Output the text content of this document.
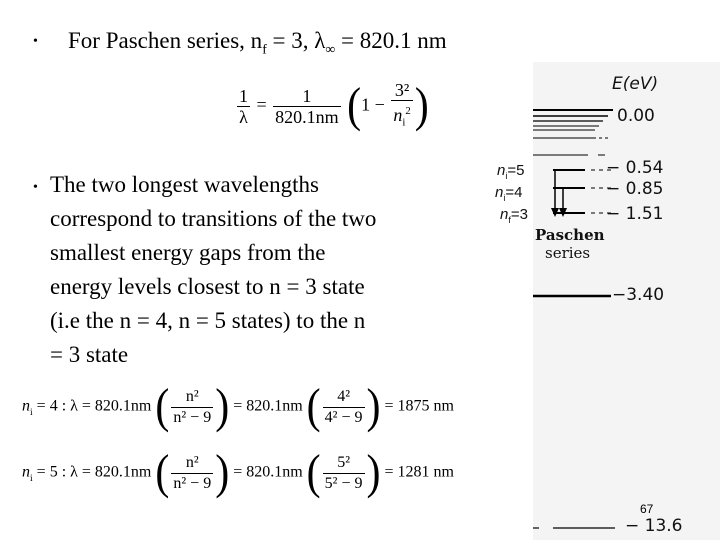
• For Paschen series, $n_f = 3$, $\lambda_\infty = 820.1$ nm
$\frac{1}{\lambda} = \frac{1}{820.1nm} (1 - \frac{\text{3²}}{n_i^2}$ )
• The two longest wavelengths
correspond to transitions of the two
smallest energy gaps from the
energy levels closest to n = 3 state
(i.e the n = 4, n = 5 states) to the n
= 3 state
$n_i = 4$ : λ = 820.1nm ( $\frac{\text{n²}}{\text{n² − 9}}$ ) = 820.1nm ( $\frac{\text{4²}}{\text{4² − 9}}$ ) = 1875 nm
$n_i = 5$ : λ = 820.1nm ( $\frac{\text{n²}}{\text{n² − 9}}$ ) = 820.1nm ( $\frac{\text{5²}}{\text{5² − 9}}$ ) = 1281 nm
E(eV)
0.00
− 0.54
− 0.85
− 1.51
−3.40
− 13.6
$n_i=5$
$n_i=4$
$n_f=3$
Paschen
series
67
